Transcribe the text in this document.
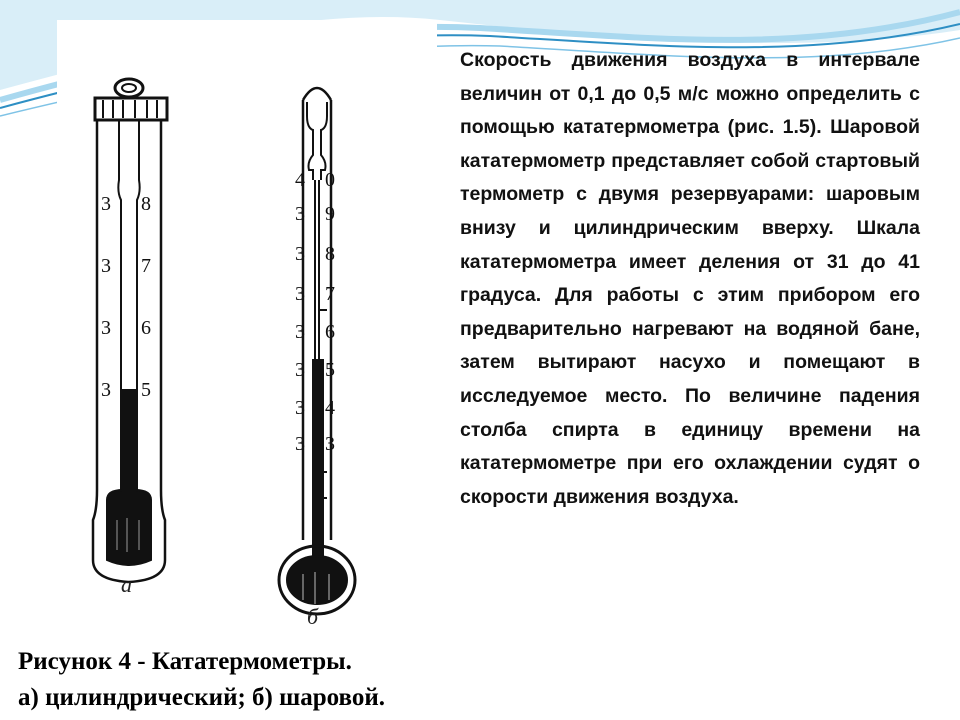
3 8
3 7
3 6
3 5
4 0
3 9
3 8
3 7
3 6
3 5
3 4
3 3
а
б

Скорость движения воздуха в интервале величин от 0,1 до 0,5 м/с можно определить с помощью кататермометра (рис. 1.5). Шаровой кататермометр представляет собой стартовый термометр с двумя резервуарами: шаровым внизу и цилиндрическим вверху. Шкала кататермометра имеет деления от 31 до 41 градуса. Для работы с этим прибором его предварительно нагревают на водяной бане, затем вытирают насухо и помещают в исследуемое место. По величине падения столба спирта в единицу времени на кататермометре при его охлаждении судят о скорости движения воздуха.

Рисунок 4 - Кататермометры.
а) цилиндрический; б) шаровой.
